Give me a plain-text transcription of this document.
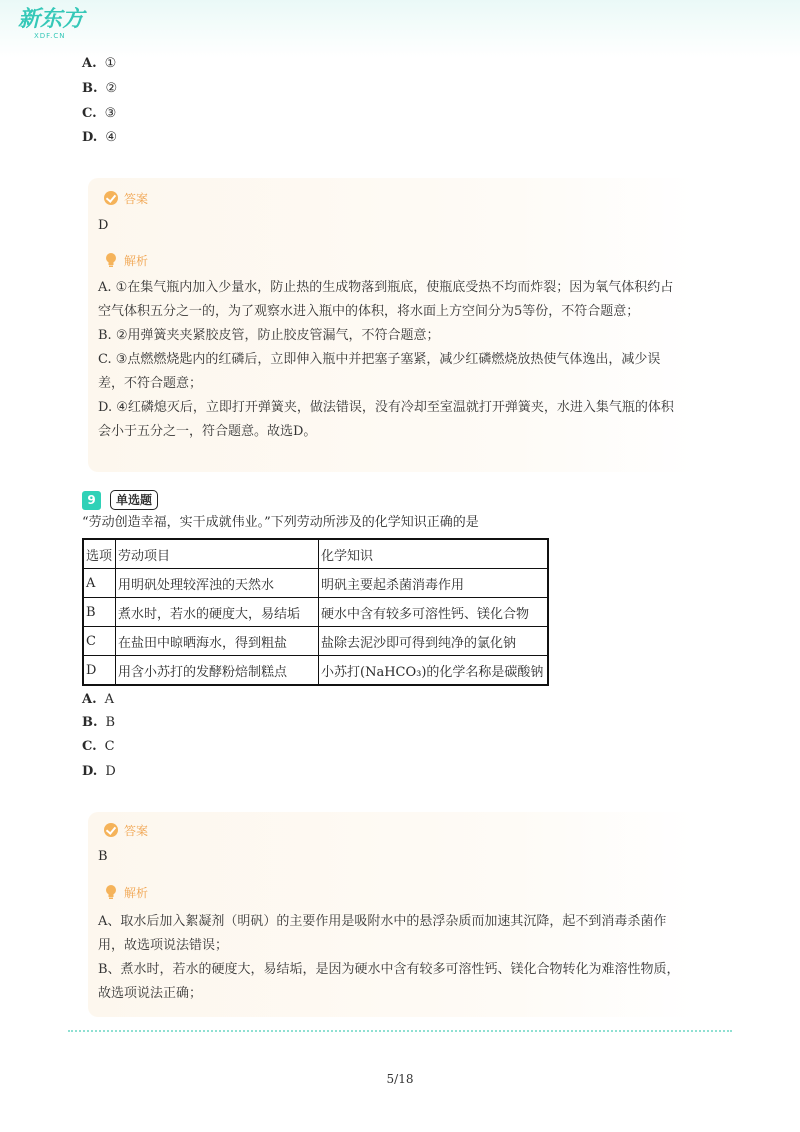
新东方
XDF.CN
A. ①
B. ②
C. ③
D. ④
答案
D
解析

A. ①在集气瓶内加入少量水，防止热的生成物落到瓶底，使瓶底受热不均而炸裂；因为氧气体积约占空气体积五分之一的，为了观察水进入瓶中的体积，将水面上方空间分为5等份，不符合题意；

B. ②用弹簧夹夹紧胶皮管，防止胶皮管漏气，不符合题意；

C. ③点燃燃烧匙内的红磷后，立即伸入瓶中并把塞子塞紧，减少红磷燃烧放热使气体逸出，减少误差，不符合题意；

D. ④红磷熄灭后，立即打开弹簧夹，做法错误，没有冷却至室温就打开弹簧夹，水进入集气瓶的体积会小于五分之一，符合题意。故选D。

9	单选题
“劳动创造幸福，实干成就伟业。”下列劳动所涉及的化学知识正确的是
选项	劳动项目	化学知识
A	用明矾处理较浑浊的天然水	明矾主要起杀菌消毒作用
B	煮水时，若水的硬度大，易结垢	硬水中含有较多可溶性钙、镁化合物
C	在盐田中晾晒海水，得到粗盐	盐除去泥沙即可得到纯净的氯化钠
D	用含小苏打的发酵粉焙制糕点	小苏打(NaHCO₃)的化学名称是碳酸钠
A. A
B. B
C. C
D. D
答案
B
解析

A、取水后加入絮凝剂（明矾）的主要作用是吸附水中的悬浮杂质而加速其沉降，起不到消毒杀菌作用，故选项说法错误；

B、煮水时，若水的硬度大，易结垢，是因为硬水中含有较多可溶性钙、镁化合物转化为难溶性物质，故选项说法正确；

5/18
